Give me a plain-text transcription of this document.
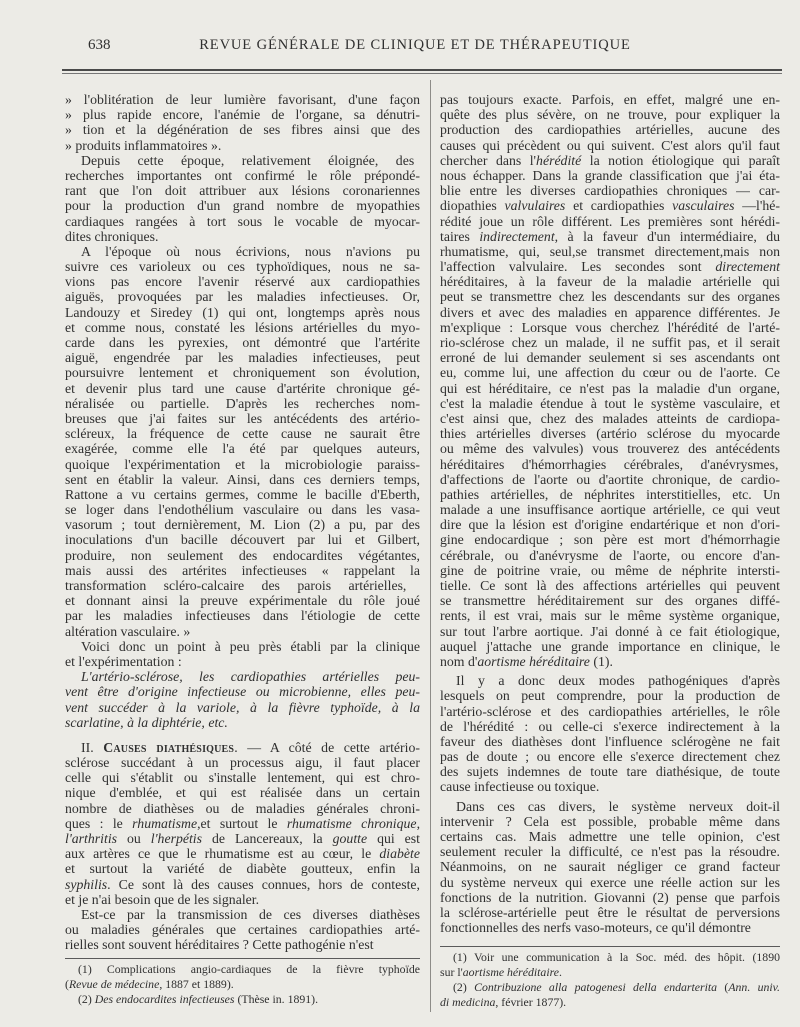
638	REVUE GÉNÉRALE DE CLINIQUE ET DE THÉRAPEUTIQUE
» l'oblitération de leur lumière favorisant, d'une façon
» plus rapide encore, l'anémie de l'organe, sa dénutri-
» tion et la dégénération de ses fibres ainsi que des
» produits inflammatoires ».
Depuis cette époque, relativement éloignée, des
recherches importantes ont confirmé le rôle prépondé-
rant que l'on doit attribuer aux lésions coronariennes
pour la production d'un grand nombre de myopathies
cardiaques rangées à tort sous le vocable de myocar-
dites chroniques.
A l'époque où nous écrivions, nous n'avions pu
suivre ces varioleux ou ces typhoïdiques, nous ne sa-
vions pas encore l'avenir réservé aux cardiopathies
aiguës, provoquées par les maladies infectieuses. Or,
Landouzy et Siredey (1) qui ont, longtemps après nous
et comme nous, constaté les lésions artérielles du myo-
carde dans les pyrexies, ont démontré que l'artérite
aiguë, engendrée par les maladies infectieuses, peut
poursuivre lentement et chroniquement son évolution,
et devenir plus tard une cause d'artérite chronique gé-
néralisée ou partielle. D'après les recherches nom-
breuses que j'ai faites sur les antécédents des artério-
scléreux, la fréquence de cette cause ne saurait être
exagérée, comme elle l'a été par quelques auteurs,
quoique l'expérimentation et la microbiologie paraiss-
sent en établir la valeur. Ainsi, dans ces derniers temps,
Rattone a vu certains germes, comme le bacille d'Eberth,
se loger dans l'endothélium vasculaire ou dans les vasa-
vasorum ; tout dernièrement, M. Lion (2) a pu, par des
inoculations d'un bacille découvert par lui et Gilbert,
produire, non seulement des endocardites végétantes,
mais aussi des artérites infectieuses « rappelant la
transformation scléro-calcaire des parois artérielles,
et donnant ainsi la preuve expérimentale du rôle joué
par les maladies infectieuses dans l'étiologie de cette
altération vasculaire. »
Voici donc un point à peu près établi par la clinique
et l'expérimentation :
L'artério-sclérose, les cardiopathies artérielles peu-
vent être d'origine infectieuse ou microbienne, elles peu-
vent succéder à la variole, à la fièvre typhoïde, à la
scarlatine, à la diphtérie, etc.
II. Causes diathésiques. — A côté de cette artério-
sclérose succédant à un processus aigu, il faut placer
celle qui s'établit ou s'installe lentement, qui est chro-
nique d'emblée, et qui est réalisée dans un certain
nombre de diathèses ou de maladies générales chroni-
ques : le rhumatisme,et surtout le rhumatisme chronique,
l'arthritis ou l'herpétis de Lancereaux, la goutte qui est
aux artères ce que le rhumatisme est au cœur, le diabète
et surtout la variété de diabète goutteux, enfin la
syphilis. Ce sont là des causes connues, hors de conteste,
et je n'ai besoin que de les signaler.
Est-ce par la transmission de ces diverses diathèses
ou maladies générales que certaines cardiopathies arté-
rielles sont souvent héréditaires ? Cette pathogénie n'est
pas toujours exacte. Parfois, en effet, malgré une en-
quête des plus sévère, on ne trouve, pour expliquer la
production des cardiopathies artérielles, aucune des
causes qui précèdent ou qui suivent. C'est alors qu'il faut
chercher dans l'hérédité la notion étiologique qui paraît
nous échapper. Dans la grande classification que j'ai éta-
blie entre les diverses cardiopathies chroniques — car-
diopathies valvulaires et cardiopathies vasculaires —l'hé-
rédité joue un rôle différent. Les premières sont hérédi-
taires indirectement, à la faveur d'un intermédiaire, du
rhumatisme, qui, seul,se transmet directement,mais non
l'affection valvulaire. Les secondes sont directement
héréditaires, à la faveur de la maladie artérielle qui
peut se transmettre chez les descendants sur des organes
divers et avec des maladies en apparence différentes. Je
m'explique : Lorsque vous cherchez l'hérédité de l'arté-
rio-sclérose chez un malade, il ne suffit pas, et il serait
erroné de lui demander seulement si ses ascendants ont
eu, comme lui, une affection du cœur ou de l'aorte. Ce
qui est héréditaire, ce n'est pas la maladie d'un organe,
c'est la maladie étendue à tout le système vasculaire, et
c'est ainsi que, chez des malades atteints de cardiopa-
thies artérielles diverses (artério sclérose du myocarde
ou même des valvules) vous trouverez des antécédents
héréditaires d'hémorrhagies cérébrales, d'anévrysmes,
d'affections de l'aorte ou d'aortite chronique, de cardio-
pathies artérielles, de néphrites interstitielles, etc. Un
malade a une insuffisance aortique artérielle, ce qui veut
dire que la lésion est d'origine endartérique et non d'ori-
gine endocardique ; son père est mort d'hémorrhagie
cérébrale, ou d'anévrysme de l'aorte, ou encore d'an-
gine de poitrine vraie, ou même de néphrite intersti-
tielle. Ce sont là des affections artérielles qui peuvent
se transmettre héréditairement sur des organes diffé-
rents, il est vrai, mais sur le même système organique,
sur tout l'arbre aortique. J'ai donné à ce fait étiologique,
auquel j'attache une grande importance en clinique, le
nom d'aortisme héréditaire (1).
Il y a donc deux modes pathogéniques d'après
lesquels on peut comprendre, pour la production de
l'artério-sclérose et des cardiopathies artérielles, le rôle
de l'hérédité : ou celle-ci s'exerce indirectement à la
faveur des diathèses dont l'influence sclérogène ne fait
pas de doute ; ou encore elle s'exerce directement chez
des sujets indemnes de toute tare diathésique, de toute
cause infectieuse ou toxique.
Dans ces cas divers, le système nerveux doit-il
intervenir ? Cela est possible, probable même dans
certains cas. Mais admettre une telle opinion, c'est
seulement reculer la difficulté, ce n'est pas la résoudre.
Néanmoins, on ne saurait négliger ce grand facteur
du système nerveux qui exerce une réelle action sur les
fonctions de la nutrition. Giovanni (2) pense que parfois
la sclérose-artérielle peut être le résultat de perversions
fonctionnelles des nerfs vaso-moteurs, ce qu'il démontre
(1) Complications angio-cardiaques de la fièvre typhoïde
(Revue de médecine, 1887 et 1889).
(2) Des endocardites infectieuses (Thèse in. 1891).
(1) Voir une communication à la Soc. méd. des hôpit. (1890
sur l'aortisme héréditaire.
(2) Contribuzione alla patogenesi della endarterita (Ann. univ.
di medicina, février 1877).
